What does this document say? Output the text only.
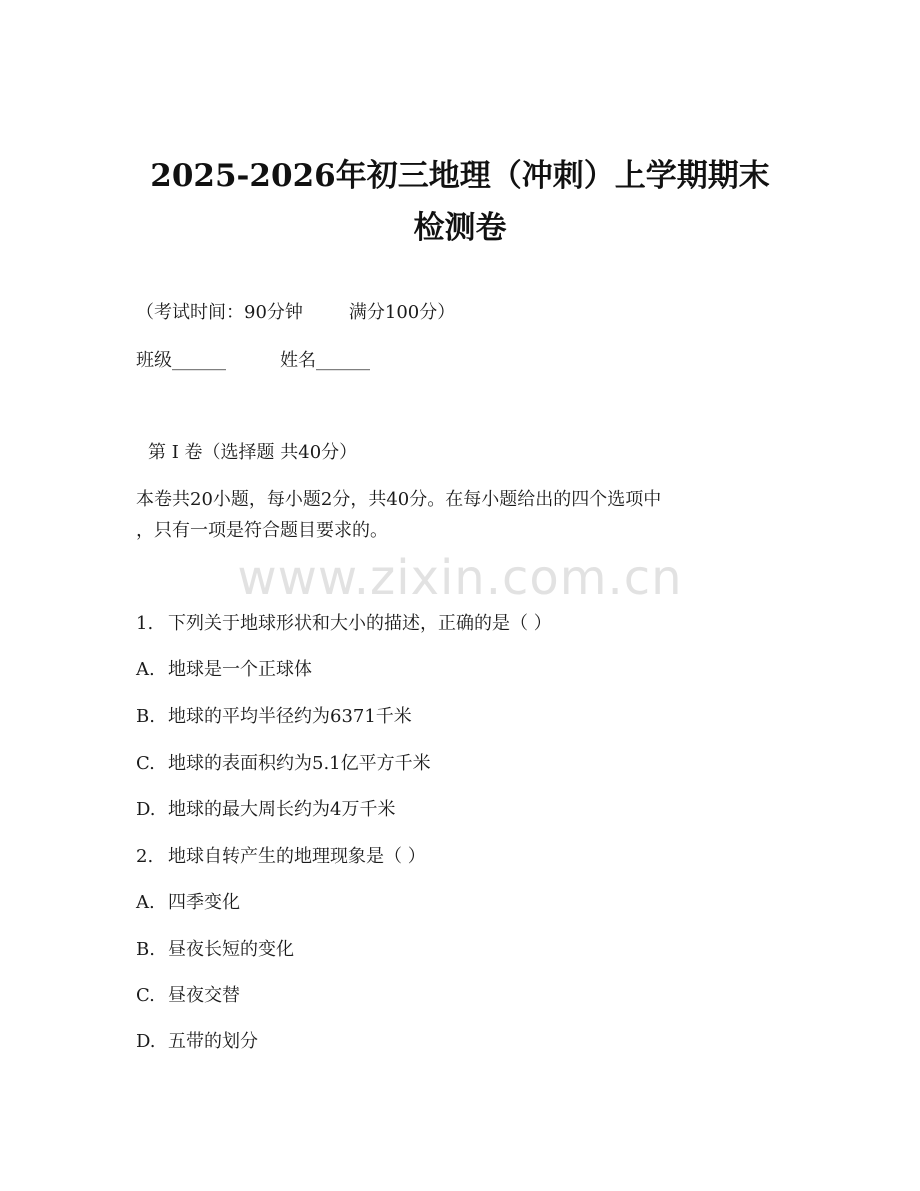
2025-2026年初三地理（冲刺）上学期期末
检测卷
（考试时间：90分钟	满分100分）
班级______	姓名______
第 I 卷（选择题 共40分）
本卷共20小题，每小题2分，共40分。在每小题给出的四个选项中
，只有一项是符合题目要求的。
www.zixin.com.cn
1. 下列关于地球形状和大小的描述，正确的是（ ）
A. 地球是一个正球体
B. 地球的平均半径约为6371千米
C. 地球的表面积约为5.1亿平方千米
D. 地球的最大周长约为4万千米
2. 地球自转产生的地理现象是（ ）
A. 四季变化
B. 昼夜长短的变化
C. 昼夜交替
D. 五带的划分
